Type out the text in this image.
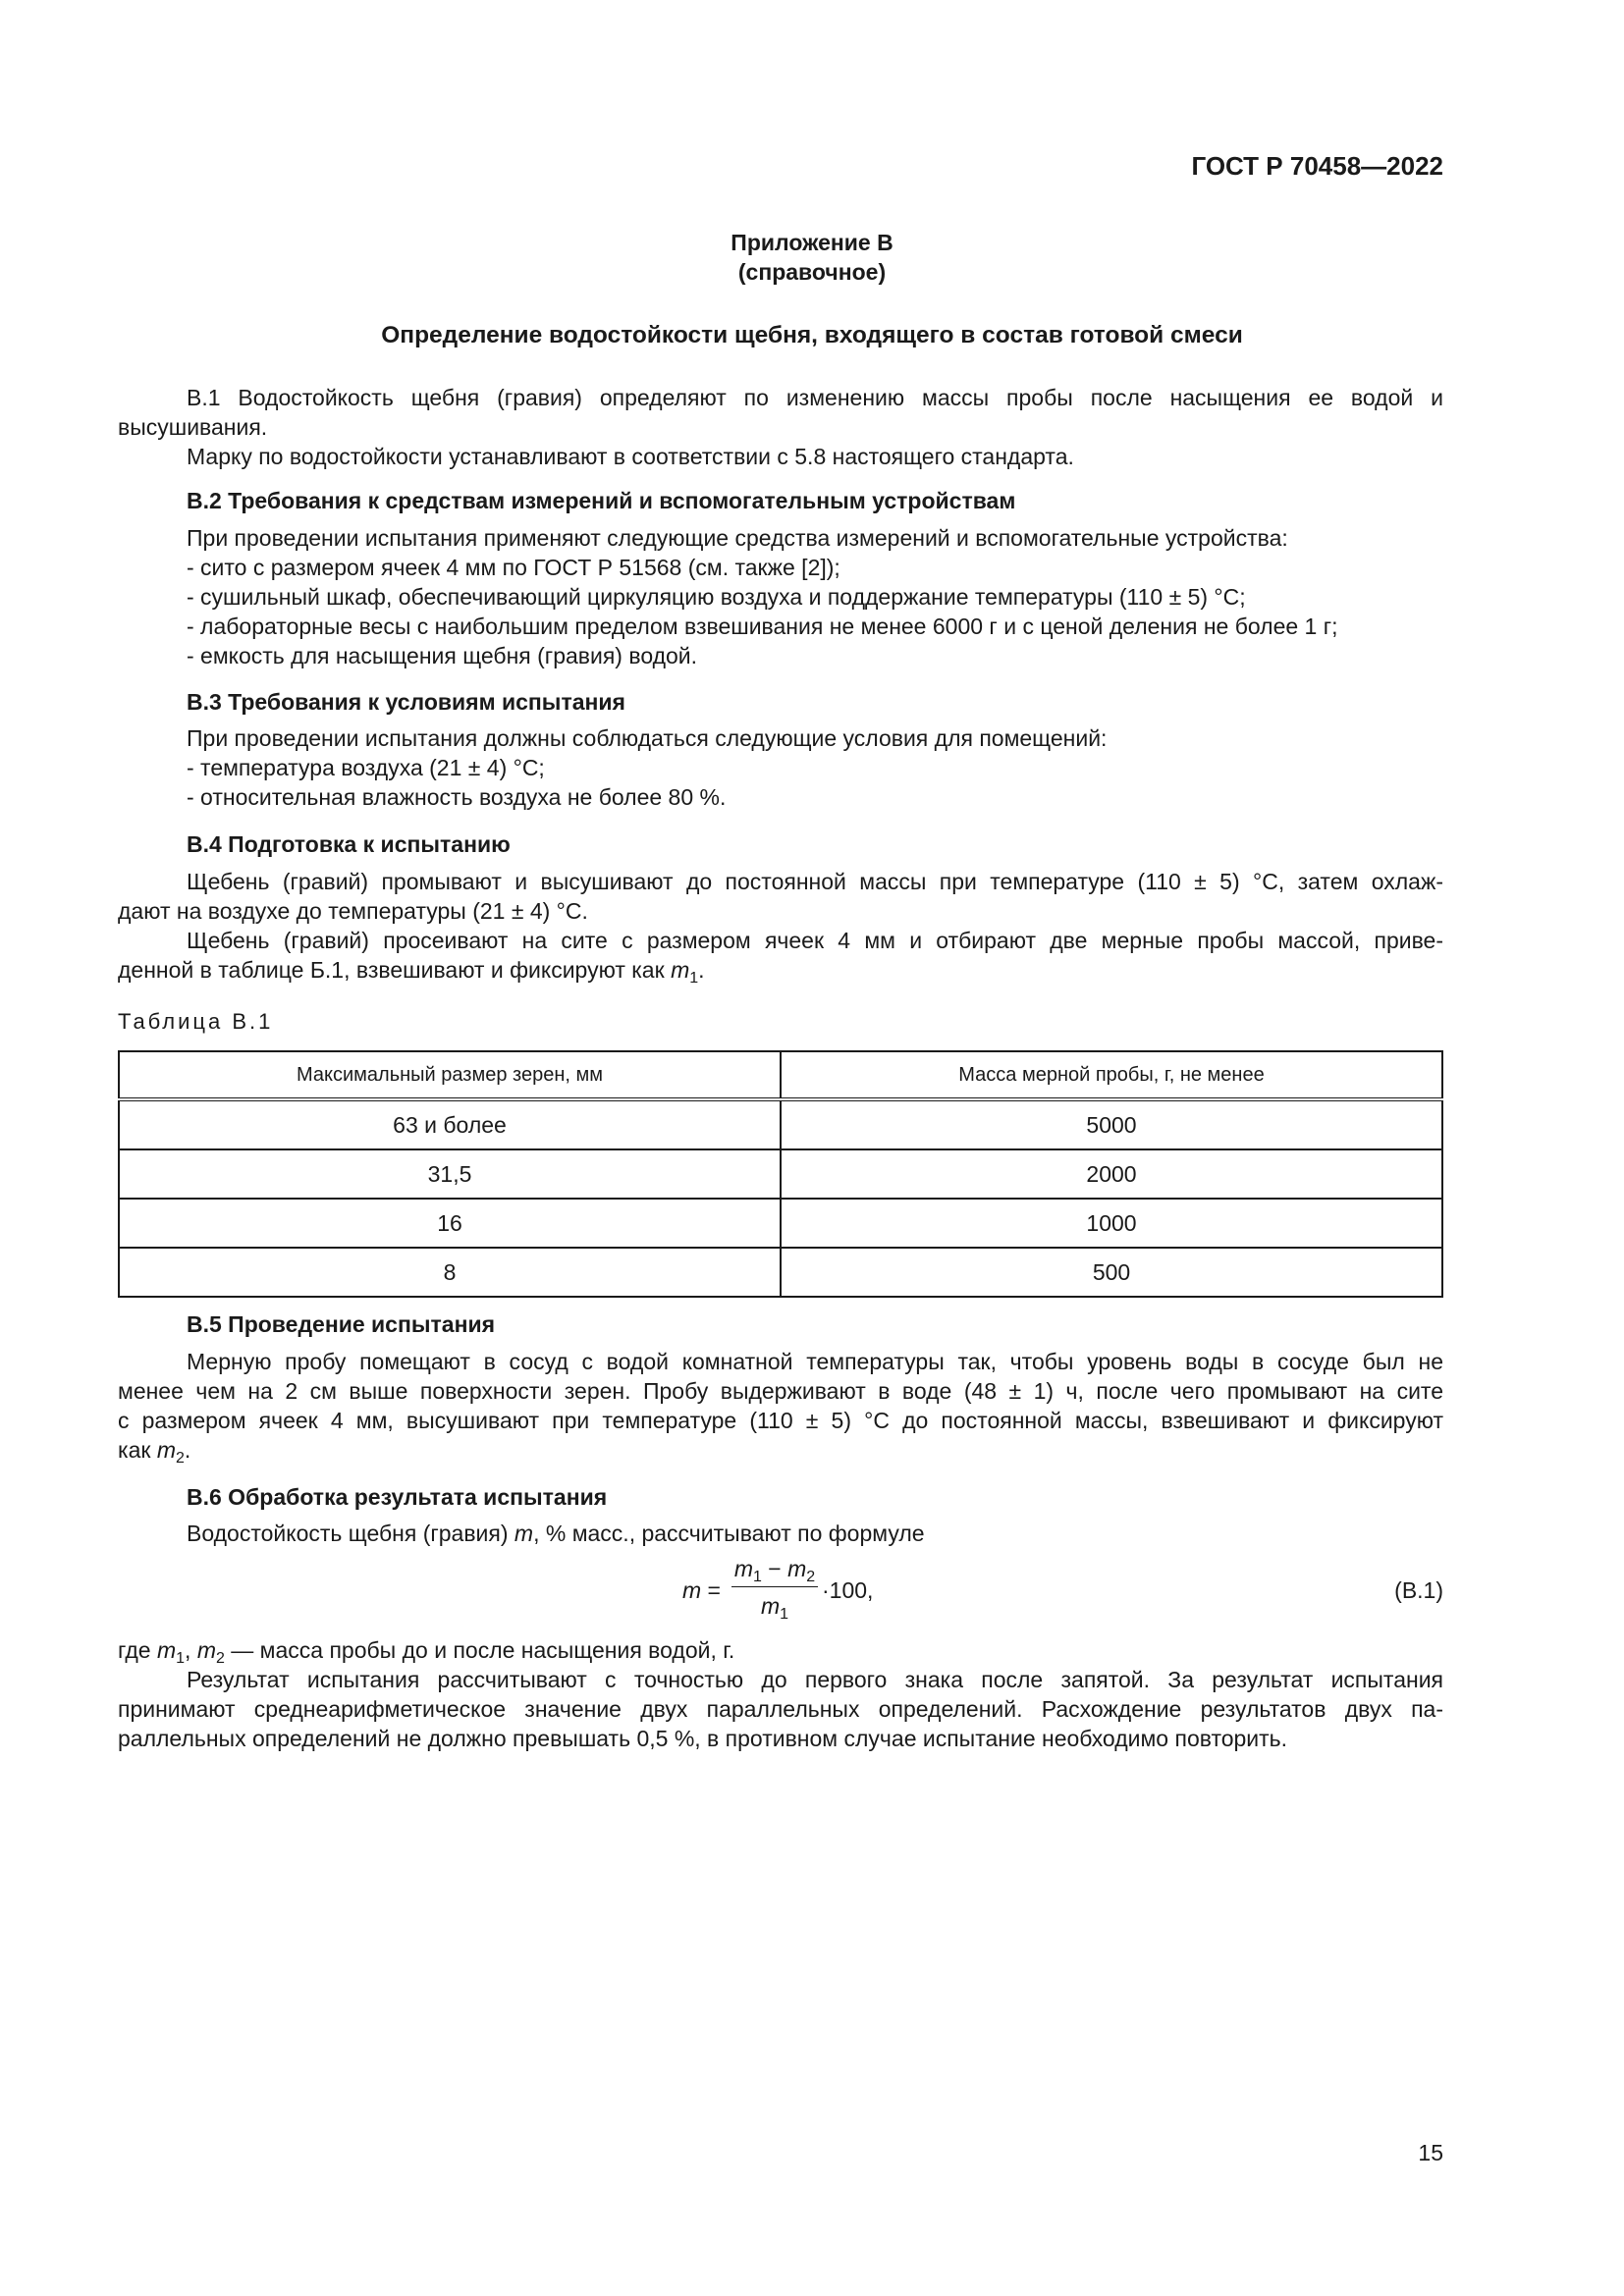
ГОСТ Р 70458—2022
Приложение В
(справочное)
Определение водостойкости щебня, входящего в состав готовой смеси
В.1 Водостойкость щебня (гравия) определяют по изменению массы пробы после насыщения ее водой и
высушивания.
Марку по водостойкости устанавливают в соответствии с 5.8 настоящего стандарта.
В.2 Требования к средствам измерений и вспомогательным устройствам
При проведении испытания применяют следующие средства измерений и вспомогательные устройства:
- сито с размером ячеек 4 мм по ГОСТ Р 51568 (см. также [2]);
- сушильный шкаф, обеспечивающий циркуляцию воздуха и поддержание температуры (110 ± 5) °С;
- лабораторные весы с наибольшим пределом взвешивания не менее 6000 г и с ценой деления не более 1 г;
- емкость для насыщения щебня (гравия) водой.
В.3 Требования к условиям испытания
При проведении испытания должны соблюдаться следующие условия для помещений:
- температура воздуха (21 ± 4) °С;
- относительная влажность воздуха не более 80 %.
В.4 Подготовка к испытанию
Щебень (гравий) промывают и высушивают до постоянной массы при температуре (110 ± 5) °С, затем охлаж-
дают на воздухе до температуры (21 ± 4) °С.
Щебень (гравий) просеивают на сите с размером ячеек 4 мм и отбирают две мерные пробы массой, приве-
денной в таблице Б.1, взвешивают и фиксируют как $m_1$.
Таблица В.1
Максимальный размер зерен, мм	Масса мерной пробы, г, не менее
63 и более	5000
31,5	2000
16	1000
8	500
В.5 Проведение испытания
Мерную пробу помещают в сосуд с водой комнатной температуры так, чтобы уровень воды в сосуде был не
менее чем на 2 см выше поверхности зерен. Пробу выдерживают в воде (48 ± 1) ч, после чего промывают на сите
с размером ячеек 4 мм, высушивают при температуре (110 ± 5) °С до постоянной массы, взвешивают и фиксируют
как $m_2$.
В.6 Обработка результата испытания
Водостойкость щебня (гравия) m, % масс., рассчитывают по формуле
m =
$m_1 - m_2$
$m_1$
·100,	(В.1)
где $m_1$, $m_2$ — масса пробы до и после насыщения водой, г.
Результат испытания рассчитывают с точностью до первого знака после запятой. За результат испытания
принимают среднеарифметическое значение двух параллельных определений. Расхождение результатов двух па-
раллельных определений не должно превышать 0,5 %, в противном случае испытание необходимо повторить.
15
